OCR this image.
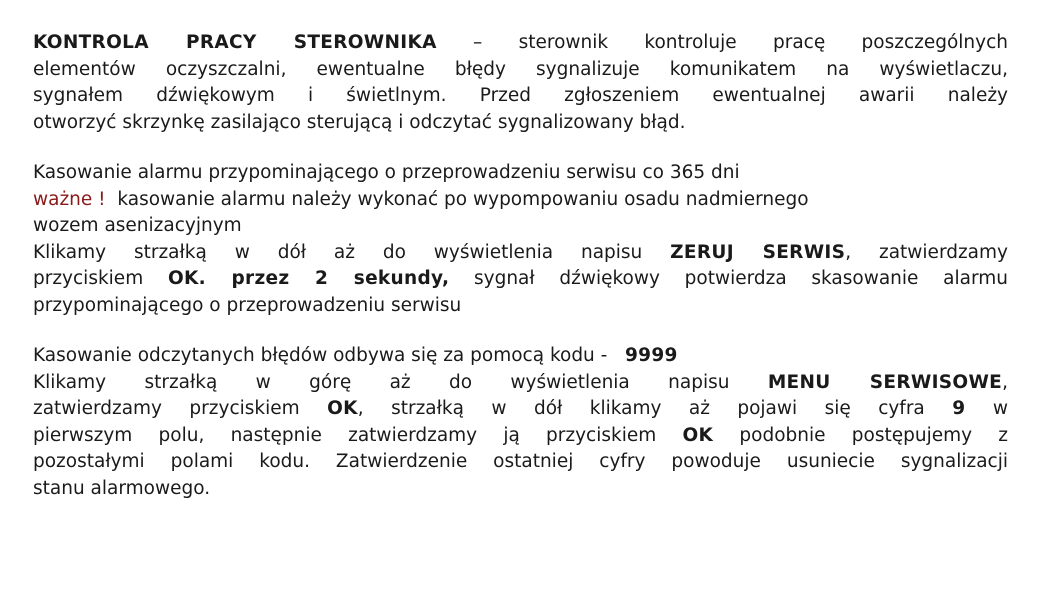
KONTROLA PRACY STEROWNIKA – sterownik kontroluje pracę poszczególnych
elementów oczyszczalni, ewentualne błędy sygnalizuje komunikatem na wyświetlaczu,
sygnałem dźwiękowym i świetlnym. Przed zgłoszeniem ewentualnej awarii należy
otworzyć skrzynkę zasilająco sterującą i odczytać sygnalizowany błąd.
Kasowanie alarmu przypominającego o przeprowadzeniu serwisu co 365 dni
ważne ! kasowanie alarmu należy wykonać po wypompowaniu osadu nadmiernego
wozem asenizacyjnym
Klikamy strzałką w dół aż do wyświetlenia napisu ZERUJ SERWIS, zatwierdzamy
przyciskiem OK. przez 2 sekundy, sygnał dźwiękowy potwierdza skasowanie alarmu
przypominającego o przeprowadzeniu serwisu
Kasowanie odczytanych błędów odbywa się za pomocą kodu - 9999
Klikamy strzałką w górę aż do wyświetlenia napisu MENU SERWISOWE,
zatwierdzamy przyciskiem OK, strzałką w dół klikamy aż pojawi się cyfra 9 w
pierwszym polu, następnie zatwierdzamy ją przyciskiem OK podobnie postępujemy z
pozostałymi polami kodu. Zatwierdzenie ostatniej cyfry powoduje usuniecie sygnalizacji
stanu alarmowego.
